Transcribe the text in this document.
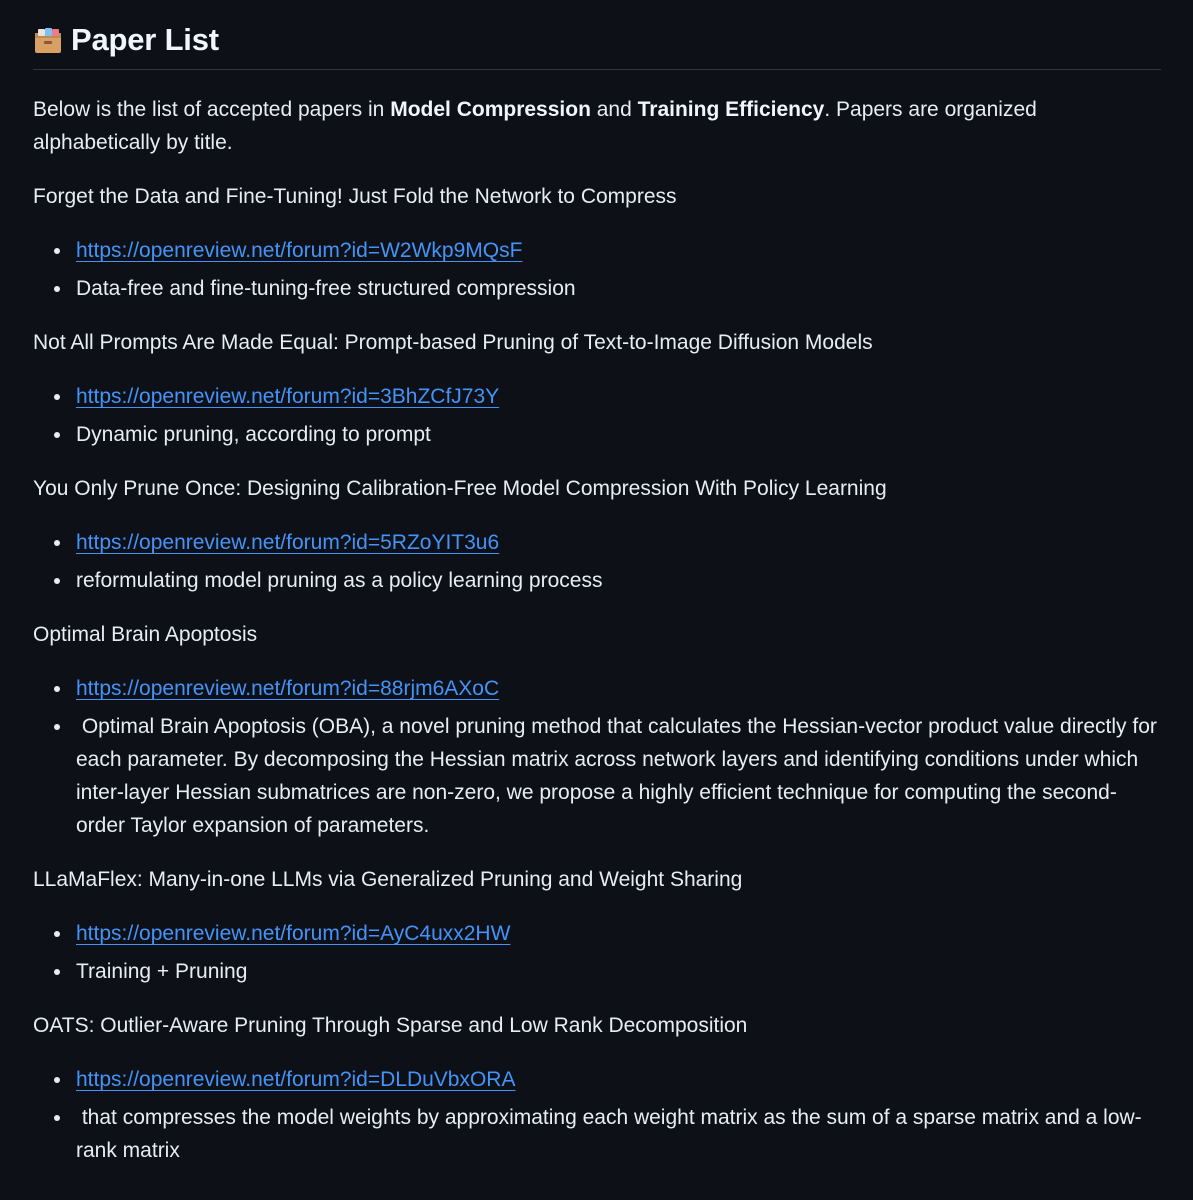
Paper List

Below is the list of accepted papers in Model Compression and Training Efficiency. Papers are organized alphabetically by title.

Forget the Data and Fine-Tuning! Just Fold the Network to Compress

https://openreview.net/forum?id=W2Wkp9MQsF
Data-free and fine-tuning-free structured compression

Not All Prompts Are Made Equal: Prompt-based Pruning of Text-to-Image Diffusion Models

https://openreview.net/forum?id=3BhZCfJ73Y
Dynamic pruning, according to prompt

You Only Prune Once: Designing Calibration-Free Model Compression With Policy Learning

https://openreview.net/forum?id=5RZoYIT3u6
reformulating model pruning as a policy learning process

Optimal Brain Apoptosis

https://openreview.net/forum?id=88rjm6AXoC
Optimal Brain Apoptosis (OBA), a novel pruning method that calculates the Hessian-vector product value directly for each parameter. By decomposing the Hessian matrix across network layers and identifying conditions under which inter-layer Hessian submatrices are non-zero, we propose a highly efficient technique for computing the second-order Taylor expansion of parameters.

LLaMaFlex: Many-in-one LLMs via Generalized Pruning and Weight Sharing

https://openreview.net/forum?id=AyC4uxx2HW
Training + Pruning

OATS: Outlier-Aware Pruning Through Sparse and Low Rank Decomposition

https://openreview.net/forum?id=DLDuVbxORA
that compresses the model weights by approximating each weight matrix as the sum of a sparse matrix and a low-rank matrix
